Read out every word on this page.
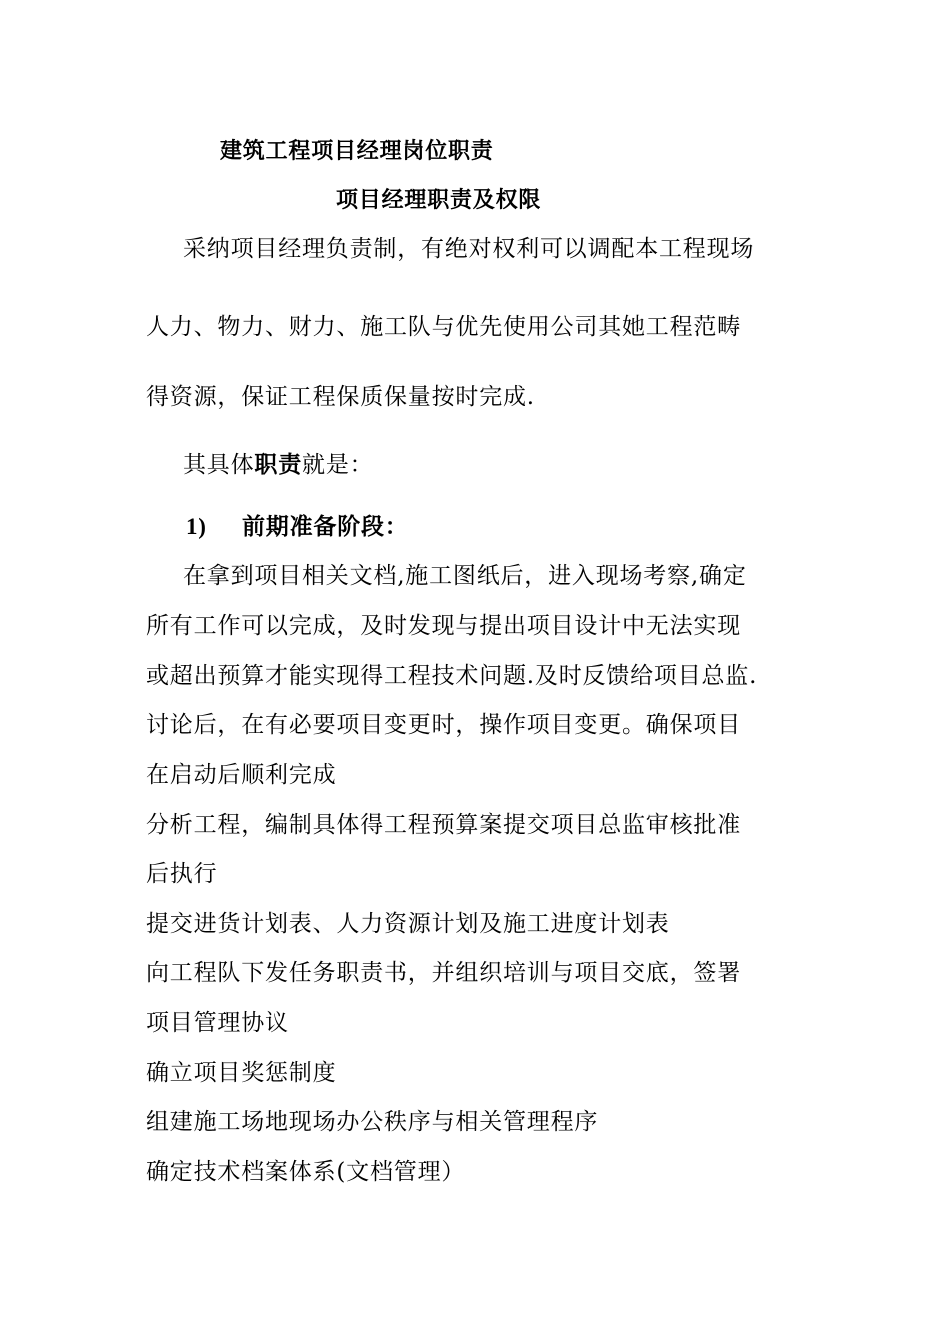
建筑工程项目经理岗位职责
项目经理职责及权限
采纳项目经理负责制，有绝对权利可以调配本工程现场
人力、物力、财力、施工队与优先使用公司其她工程范畴
得资源，保证工程保质保量按时完成.
其具体职责就是：
1) 前期准备阶段：
在拿到项目相关文档,施工图纸后，进入现场考察,确定
所有工作可以完成，及时发现与提出项目设计中无法实现
或超出预算才能实现得工程技术问题.及时反馈给项目总监.
讨论后，在有必要项目变更时，操作项目变更。确保项目
在启动后顺利完成
分析工程，编制具体得工程预算案提交项目总监审核批准
后执行
提交进货计划表、人力资源计划及施工进度计划表
向工程队下发任务职责书，并组织培训与项目交底，签署
项目管理协议
确立项目奖惩制度
组建施工场地现场办公秩序与相关管理程序
确定技术档案体系(文档管理）
